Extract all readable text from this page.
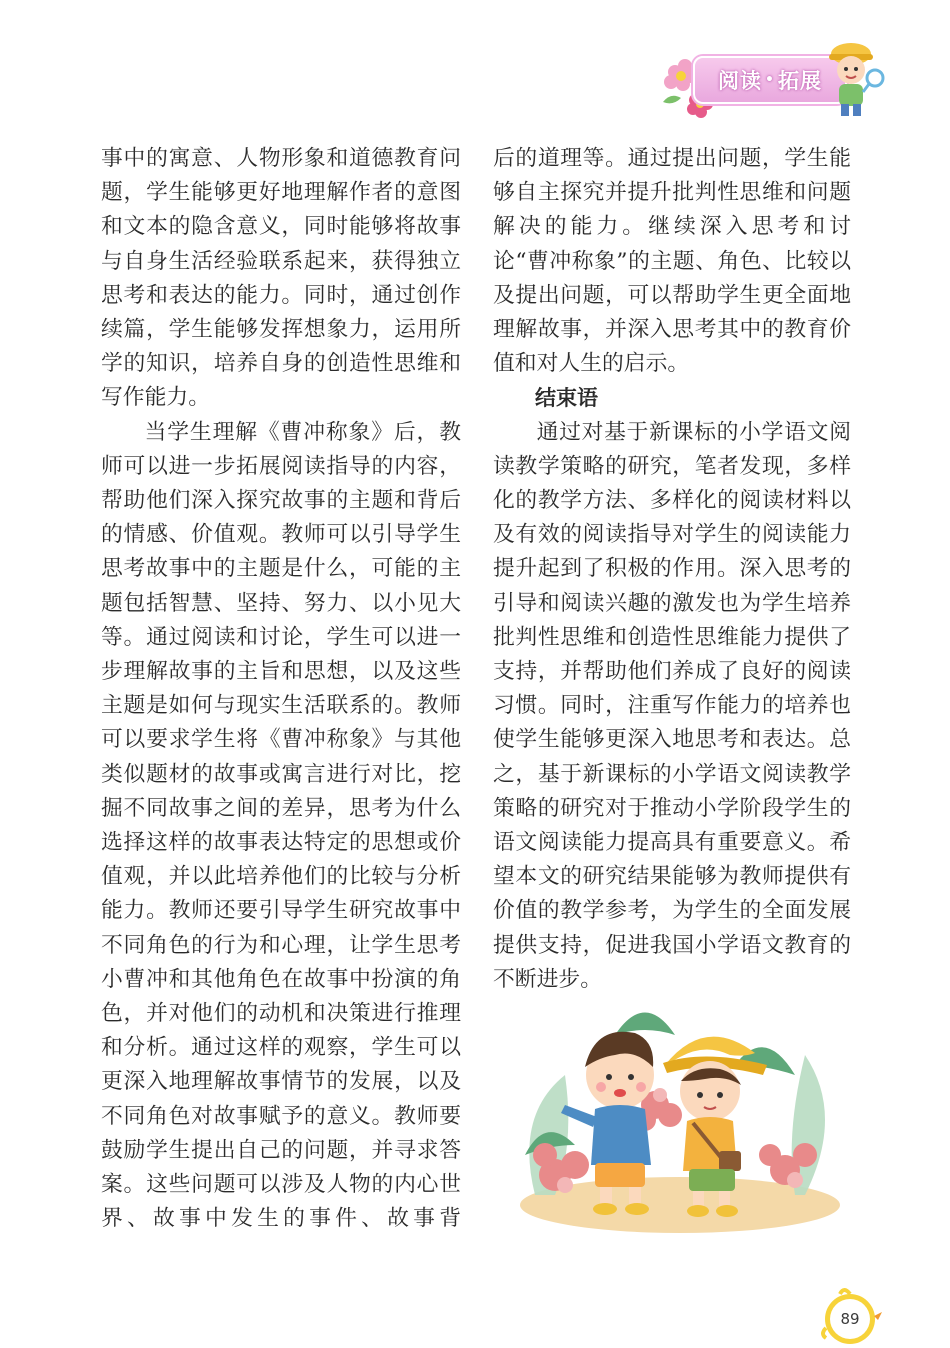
阅读 • 拓展

事中的寓意、人物形象和道德教育问题，学生能够更好地理解作者的意图和文本的隐含意义，同时能够将故事与自身生活经验联系起来，获得独立思考和表达的能力。同时，通过创作续篇，学生能够发挥想象力，运用所学的知识，培养自身的创造性思维和写作能力。

当学生理解《曹冲称象》后，教师可以进一步拓展阅读指导的内容，帮助他们深入探究故事的主题和背后的情感、价值观。教师可以引导学生思考故事中的主题是什么，可能的主题包括智慧、坚持、努力、以小见大等。通过阅读和讨论，学生可以进一步理解故事的主旨和思想，以及这些主题是如何与现实生活联系的。教师可以要求学生将《曹冲称象》与其他类似题材的故事或寓言进行对比，挖掘不同故事之间的差异，思考为什么选择这样的故事表达特定的思想或价值观，并以此培养他们的比较与分析能力。教师还要引导学生研究故事中不同角色的行为和心理，让学生思考小曹冲和其他角色在故事中扮演的角色，并对他们的动机和决策进行推理和分析。通过这样的观察，学生可以更深入地理解故事情节的发展，以及不同角色对故事赋予的意义。教师要鼓励学生提出自己的问题，并寻求答案。这些问题可以涉及人物的内心世界、故事中发生的事件、故事背

后的道理等。通过提出问题，学生能够自主探究并提升批判性思维和问题解决的能力。继续深入思考和讨论“曹冲称象”的主题、角色、比较以及提出问题，可以帮助学生更全面地理解故事，并深入思考其中的教育价值和对人生的启示。

结束语

通过对基于新课标的小学语文阅读教学策略的研究，笔者发现，多样化的教学方法、多样化的阅读材料以及有效的阅读指导对学生的阅读能力提升起到了积极的作用。深入思考的引导和阅读兴趣的激发也为学生培养批判性思维和创造性思维能力提供了支持，并帮助他们养成了良好的阅读习惯。同时，注重写作能力的培养也使学生能够更深入地思考和表达。总之，基于新课标的小学语文阅读教学策略的研究对于推动小学阶段学生的语文阅读能力提高具有重要意义。希望本文的研究结果能够为教师提供有价值的教学参考，为学生的全面发展提供支持，促进我国小学语文教育的不断进步。

89
